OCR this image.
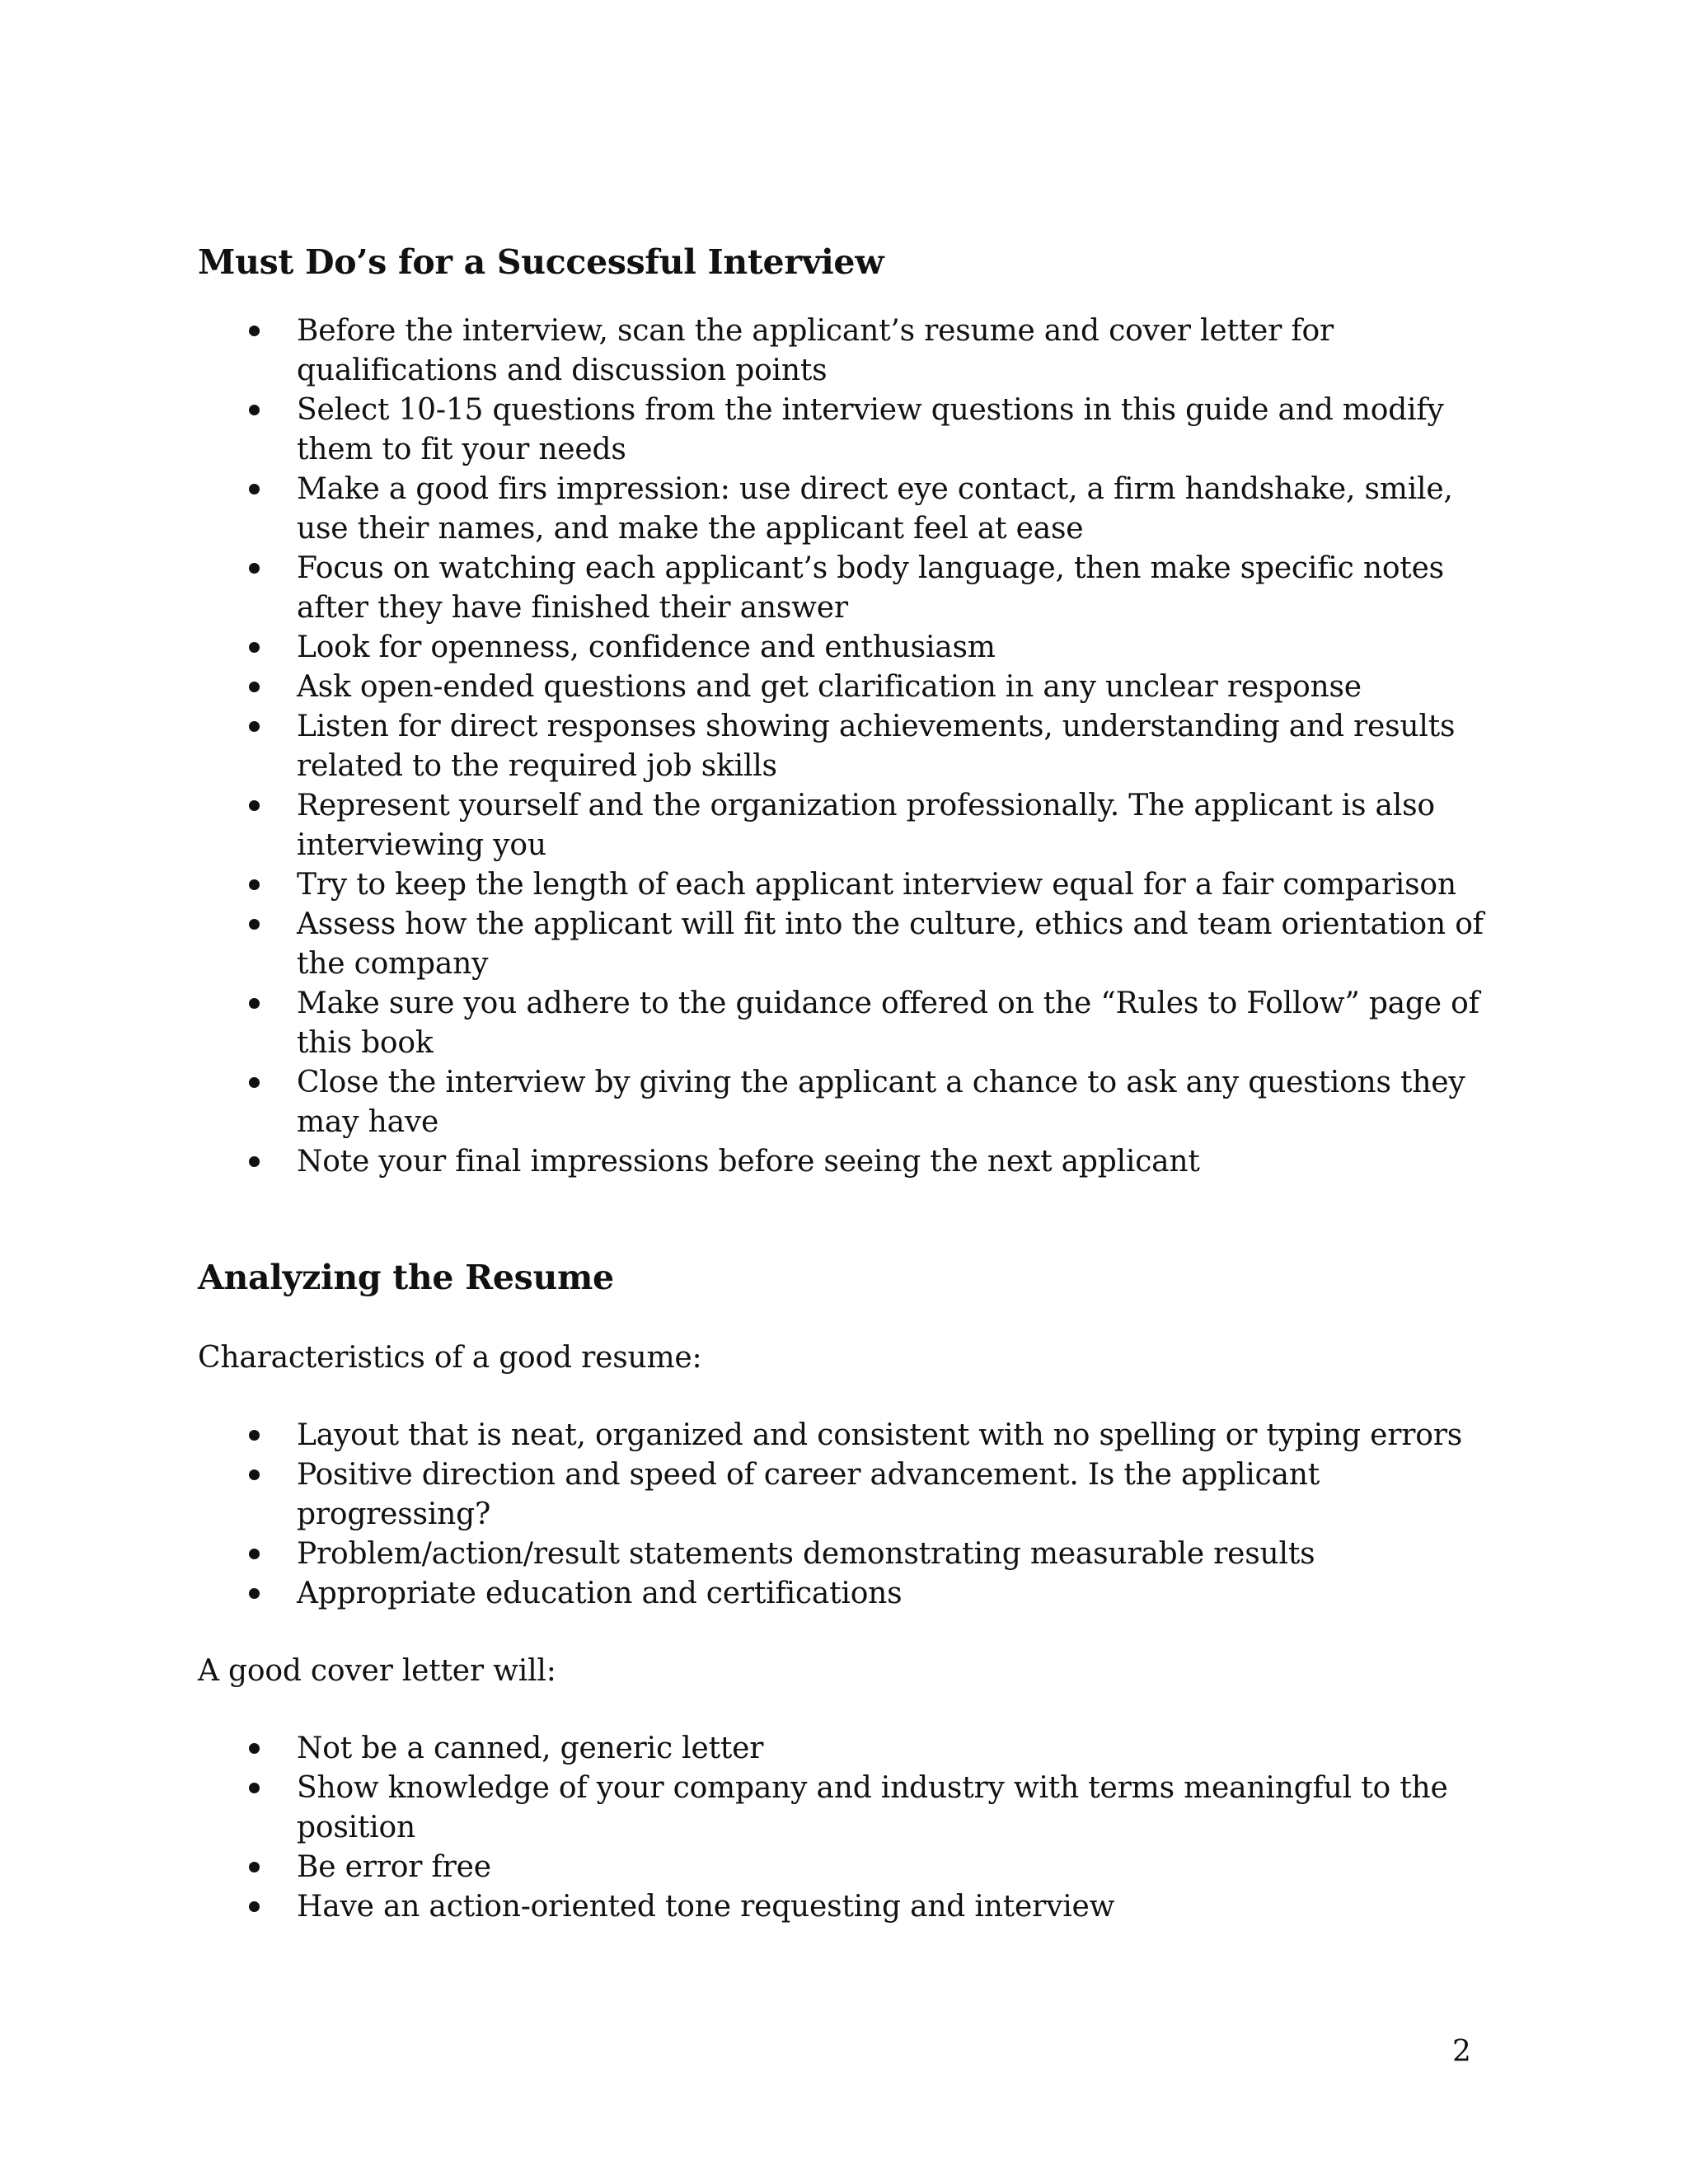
Must Do’s for a Successful Interview
Before the interview, scan the applicant’s resume and cover letter for qualifications and discussion points
Select 10-15 questions from the interview questions in this guide and modify them to fit your needs
Make a good firs impression: use direct eye contact, a firm handshake, smile, use their names, and make the applicant feel at ease
Focus on watching each applicant’s body language, then make specific notes after they have finished their answer
Look for openness, confidence and enthusiasm
Ask open-ended questions and get clarification in any unclear response
Listen for direct responses showing achievements, understanding and results related to the required job skills
Represent yourself and the organization professionally. The applicant is also interviewing you
Try to keep the length of each applicant interview equal for a fair comparison
Assess how the applicant will fit into the culture, ethics and team orientation of the company
Make sure you adhere to the guidance offered on the “Rules to Follow” page of this book
Close the interview by giving the applicant a chance to ask any questions they may have
Note your final impressions before seeing the next applicant
Analyzing the Resume

Characteristics of a good resume:

Layout that is neat, organized and consistent with no spelling or typing errors
Positive direction and speed of career advancement. Is the applicant progressing?
Problem/action/result statements demonstrating measurable results
Appropriate education and certifications

A good cover letter will:

Not be a canned, generic letter
Show knowledge of your company and industry with terms meaningful to the position
Be error free
Have an action-oriented tone requesting and interview
2
